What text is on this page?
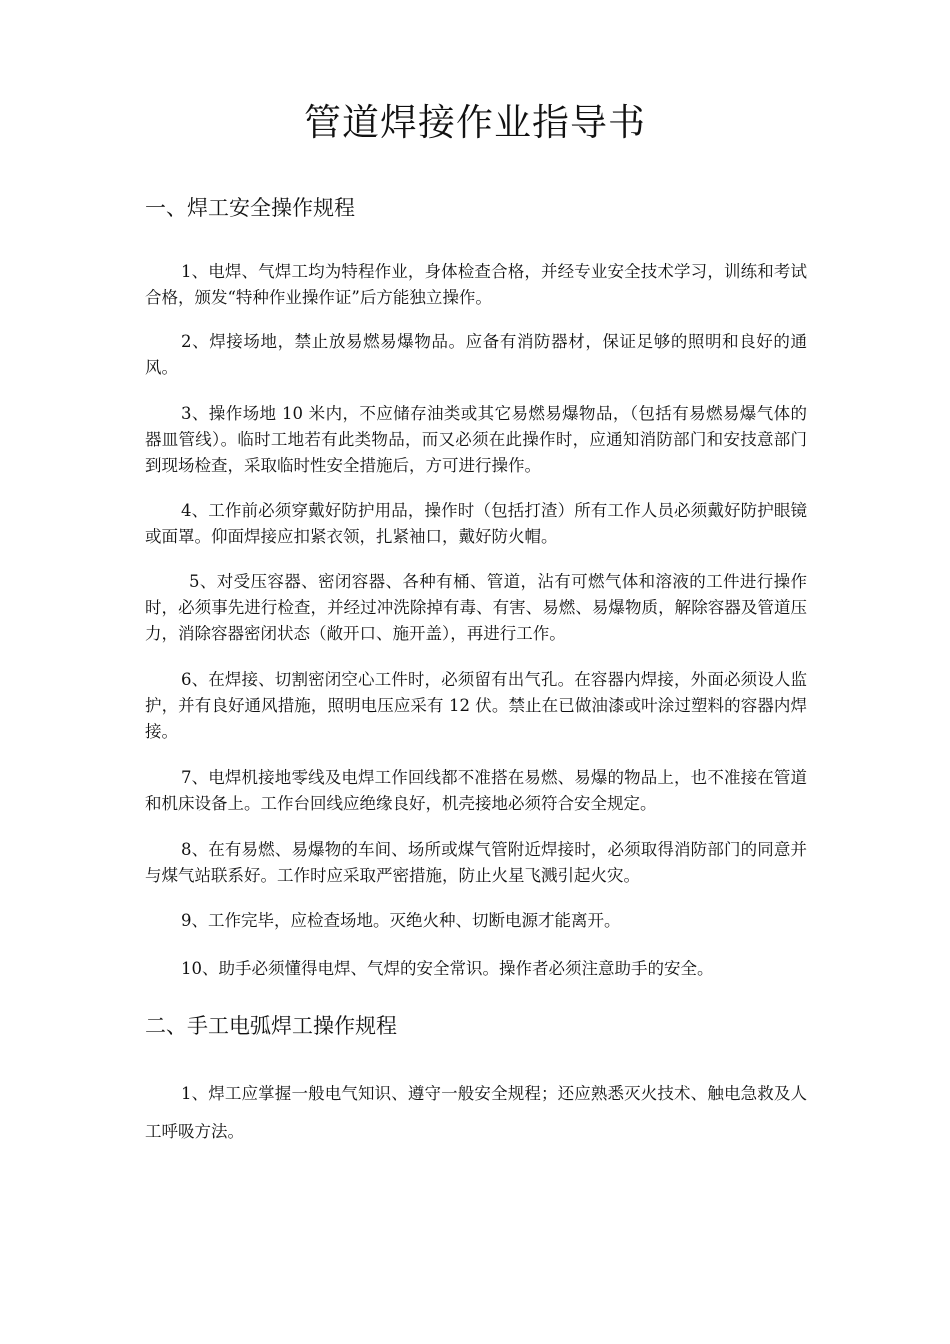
管道焊接作业指导书
一、焊工安全操作规程
1、电焊、气焊工均为特程作业，身体检查合格，并经专业安全技术学习，训练和考试合格，颁发“特种作业操作证”后方能独立操作。
2、焊接场地，禁止放易燃易爆物品。应备有消防器材，保证足够的照明和良好的通风。
3、操作场地 10 米内，不应储存油类或其它易燃易爆物品，（包括有易燃易爆气体的器皿管线）。临时工地若有此类物品，而又必须在此操作时，应通知消防部门和安技意部门到现场检查，采取临时性安全措施后，方可进行操作。
4、工作前必须穿戴好防护用品，操作时（包括打渣）所有工作人员必须戴好防护眼镜或面罩。仰面焊接应扣紧衣领，扎紧袖口，戴好防火帽。
5、对受压容器、密闭容器、各种有桶、管道，沾有可燃气体和溶液的工件进行操作时，必须事先进行检查，并经过冲洗除掉有毒、有害、易燃、易爆物质，解除容器及管道压力，消除容器密闭状态（敞开口、施开盖），再进行工作。
6、在焊接、切割密闭空心工件时，必须留有出气孔。在容器内焊接，外面必须设人监护，并有良好通风措施，照明电压应采有 12 伏。禁止在已做油漆或叶涂过塑料的容器内焊接。
7、电焊机接地零线及电焊工作回线都不准搭在易燃、易爆的物品上，也不准接在管道和机床设备上。工作台回线应绝缘良好，机壳接地必须符合安全规定。
8、在有易燃、易爆物的车间、场所或煤气管附近焊接时，必须取得消防部门的同意并与煤气站联系好。工作时应采取严密措施，防止火星飞溅引起火灾。
9、工作完毕，应检查场地。灭绝火种、切断电源才能离开。
10、助手必须懂得电焊、气焊的安全常识。操作者必须注意助手的安全。
二、手工电弧焊工操作规程
1、焊工应掌握一般电气知识、遵守一般安全规程；还应熟悉灭火技术、触电急救及人工呼吸方法。
